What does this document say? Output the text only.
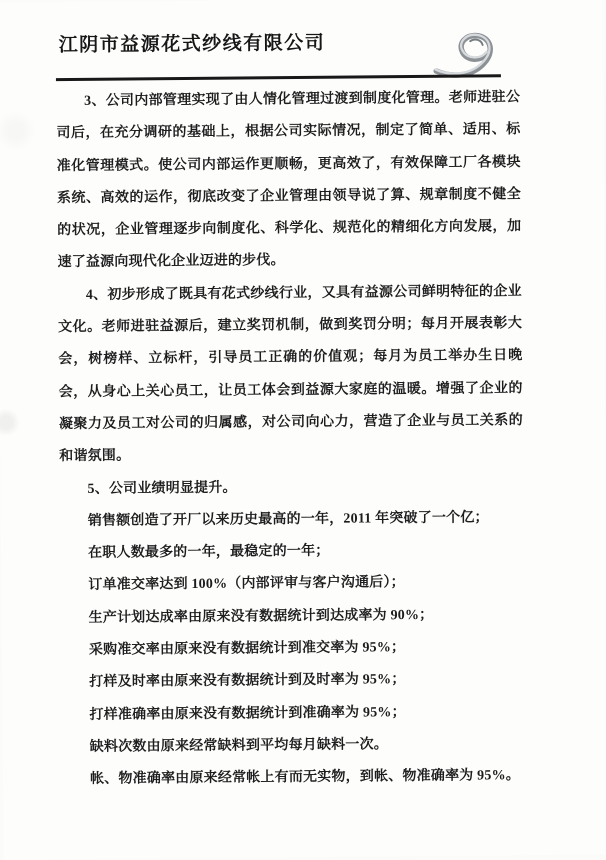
江阴市益源花式纱线有限公司

3、公司内部管理实现了由人情化管理过渡到制度化管理。老师进驻公司后，在充分调研的基础上，根据公司实际情况，制定了简单、适用、标准化管理模式。使公司内部运作更顺畅，更高效了，有效保障工厂各模块系统、高效的运作，彻底改变了企业管理由领导说了算、规章制度不健全的状况，企业管理逐步向制度化、科学化、规范化的精细化方向发展，加速了益源向现代化企业迈进的步伐。

4、初步形成了既具有花式纱线行业，又具有益源公司鲜明特征的企业文化。老师进驻益源后，建立奖罚机制，做到奖罚分明；每月开展表彰大会，树榜样、立标杆，引导员工正确的价值观；每月为员工举办生日晚会，从身心上关心员工，让员工体会到益源大家庭的温暖。增强了企业的凝聚力及员工对公司的归属感，对公司向心力，营造了企业与员工关系的和谐氛围。

5、公司业绩明显提升。

销售额创造了开厂以来历史最高的一年，2011 年突破了一个亿；

在职人数最多的一年，最稳定的一年；

订单准交率达到 100%（内部评审与客户沟通后）；

生产计划达成率由原来没有数据统计到达成率为 90%；

采购准交率由原来没有数据统计到准交率为 95%；

打样及时率由原来没有数据统计到及时率为 95%；

打样准确率由原来没有数据统计到准确率为 95%；

缺料次数由原来经常缺料到平均每月缺料一次。

帐、物准确率由原来经常帐上有而无实物，到帐、物准确率为 95%。
